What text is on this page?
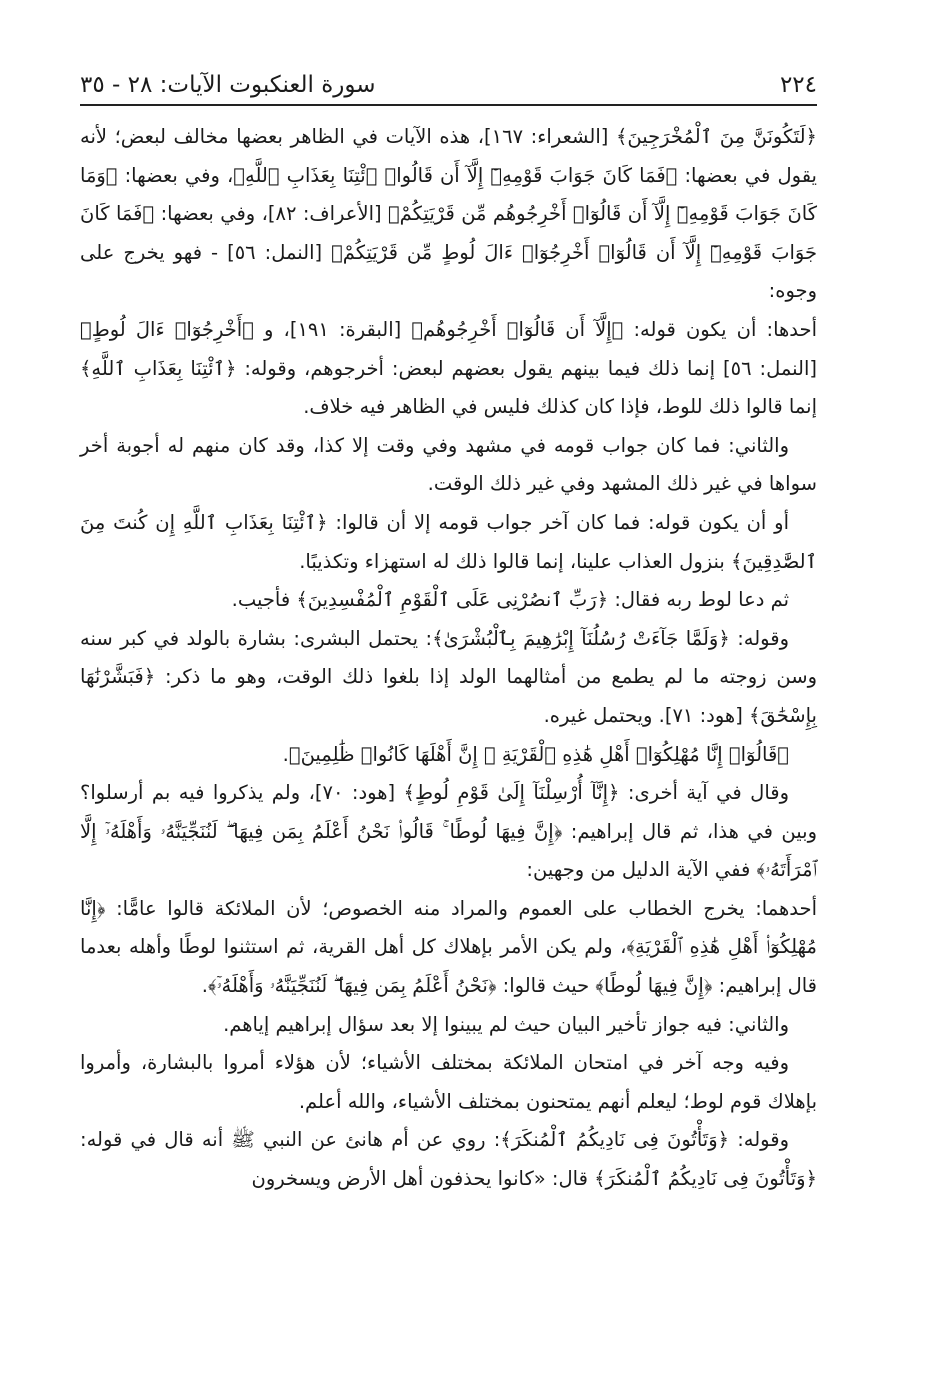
٢٢٤
سورة العنكبوت الآيات: ٢٨ - ٣٥

﴿لَتَكُونَنَّ مِنَ ٱلْمُخْرَجِينَ﴾ [الشعراء: ١٦٧]، هذه الآيات في الظاهر بعضها مخالف لبعض؛ لأنه يقول في بعضها: ﴿فَمَا كَانَ جَوَابَ قَوْمِهِۦٓ إِلَّآ أَن قَالُوا۟ ٱئْتِنَا بِعَذَابِ ٱللَّهِ﴾، وفي بعضها: ﴿وَمَا كَانَ جَوَابَ قَوْمِهِۦٓ إِلَّآ أَن قَالُوٓا۟ أَخْرِجُوهُم مِّن قَرْيَتِكُمْ﴾ [الأعراف: ٨٢]، وفي بعضها: ﴿فَمَا كَانَ جَوَابَ قَوْمِهِۦٓ إِلَّآ أَن قَالُوٓا۟ أَخْرِجُوٓا۟ ءَالَ لُوطٍ مِّن قَرْيَتِكُمْ﴾ [النمل: ٥٦] - فهو يخرج على وجوه:

أحدها: أن يكون قوله: ﴿إِلَّآ أَن قَالُوٓا۟ أَخْرِجُوهُم﴾ [البقرة: ١٩١]، و ﴿أَخْرِجُوٓا۟ ءَالَ لُوطٍ﴾ [النمل: ٥٦] إنما ذلك فيما بينهم يقول بعضهم لبعض: أخرجوهم، وقوله: ﴿ٱئْتِنَا بِعَذَابِ ٱللَّهِ﴾ إنما قالوا ذلك للوط، فإذا كان كذلك فليس في الظاهر فيه خلاف.

والثاني: فما كان جواب قومه في مشهد وفي وقت إلا كذا، وقد كان منهم له أجوبة أخر سواها في غير ذلك المشهد وفي غير ذلك الوقت.

أو أن يكون قوله: فما كان آخر جواب قومه إلا أن قالوا: ﴿ٱئْتِنَا بِعَذَابِ ٱللَّهِ إِن كُنتَ مِنَ ٱلصَّٰدِقِينَ﴾ بنزول العذاب علينا، إنما قالوا ذلك له استهزاء وتكذيبًا.

ثم دعا لوط ربه فقال: ﴿رَبِّ ٱنصُرْنِى عَلَى ٱلْقَوْمِ ٱلْمُفْسِدِينَ﴾ فأجيب.

وقوله: ﴿وَلَمَّا جَآءَتْ رُسُلُنَآ إِبْرَٰهِيمَ بِٱلْبُشْرَىٰ﴾: يحتمل البشرى: بشارة بالولد في كبر سنه وسن زوجته ما لم يطمع من أمثالهما الولد إذا بلغوا ذلك الوقت، وهو ما ذكر: ﴿فَبَشَّرْنَٰهَا بِإِسْحَٰقَ﴾ [هود: ٧١]. ويحتمل غيره.

﴿قَالُوٓا۟ إِنَّا مُهْلِكُوٓا۟ أَهْلِ هَٰذِهِ ٱلْقَرْيَةِ ۖ إِنَّ أَهْلَهَا كَانُوا۟ ظَٰلِمِينَ﴾.

وقال في آية أخرى: ﴿إِنَّآ أُرْسِلْنَآ إِلَىٰ قَوْمِ لُوطٍ﴾ [هود: ٧٠]، ولم يذكروا فيه بم أرسلوا؟ وبين في هذا، ثم قال إبراهيم: ﴿إِنَّ فِيهَا لُوطًا ۚ قَالُوا۟ نَحْنُ أَعْلَمُ بِمَن فِيهَا ۖ لَنُنَجِّيَنَّهُۥ وَأَهْلَهُۥٓ إِلَّا ٱمْرَأَتَهُۥ﴾ ففي الآية الدليل من وجهين:

أحدهما: يخرج الخطاب على العموم والمراد منه الخصوص؛ لأن الملائكة قالوا عامًّا: ﴿إِنَّا مُهْلِكُوٓا۟ أَهْلِ هَٰذِهِ ٱلْقَرْيَةِ﴾، ولم يكن الأمر بإهلاك كل أهل القرية، ثم استثنوا لوطًا وأهله بعدما قال إبراهيم: ﴿إِنَّ فِيهَا لُوطًا﴾ حيث قالوا: ﴿نَحْنُ أَعْلَمُ بِمَن فِيهَا ۖ لَنُنَجِّيَنَّهُۥ وَأَهْلَهُۥٓ﴾.

والثاني: فيه جواز تأخير البيان حيث لم يبينوا إلا بعد سؤال إبراهيم إياهم.

وفيه وجه آخر في امتحان الملائكة بمختلف الأشياء؛ لأن هؤلاء أمروا بالبشارة، وأمروا بإهلاك قوم لوط؛ ليعلم أنهم يمتحنون بمختلف الأشياء، والله أعلم.

وقوله: ﴿وَتَأْتُونَ فِى نَادِيكُمُ ٱلْمُنكَرَ﴾: روي عن أم هانئ عن النبي ﷺ أنه قال في قوله: ﴿وَتَأْتُونَ فِى نَادِيكُمُ ٱلْمُنكَرَ﴾ قال: «كانوا يحذفون أهل الأرض ويسخرون
